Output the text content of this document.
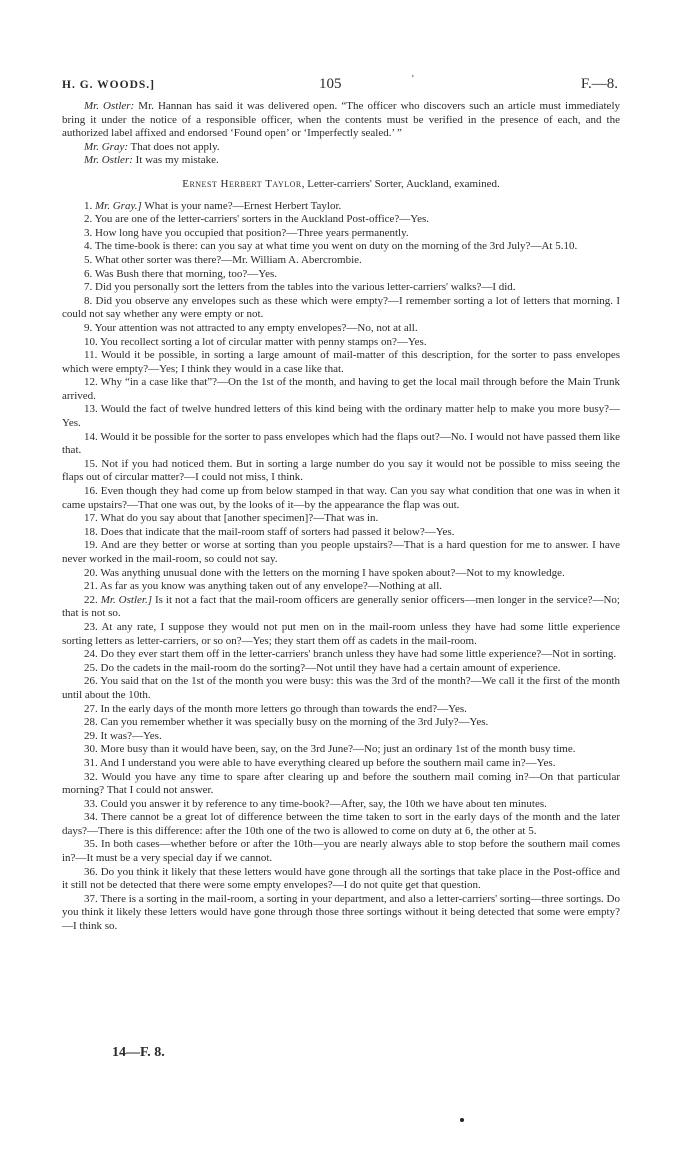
H. G. WOODS.]	105	'	F.—8.

Mr. Ostler: Mr. Hannan has said it was delivered open. “The officer who discovers such an article must immediately bring it under the notice of a responsible officer, when the contents must be verified in the presence of each, and the authorized label affixed and endorsed ‘Found open’ or ‘Imperfectly sealed.’ ”

Mr. Gray: That does not apply.

Mr. Ostler: It was my mistake.

Ernest Herbert Taylor, Letter-carriers' Sorter, Auckland, examined.

1. Mr. Gray.] What is your name?—Ernest Herbert Taylor.

2. You are one of the letter-carriers' sorters in the Auckland Post-office?—Yes.

3. How long have you occupied that position?—Three years permanently.

4. The time-book is there: can you say at what time you went on duty on the morning of the 3rd July?—At 5.10.

5. What other sorter was there?—Mr. William A. Abercrombie.

6. Was Bush there that morning, too?—Yes.

7. Did you personally sort the letters from the tables into the various letter-carriers' walks?—I did.

8. Did you observe any envelopes such as these which were empty?—I remember sorting a lot of letters that morning. I could not say whether any were empty or not.

9. Your attention was not attracted to any empty envelopes?—No, not at all.

10. You recollect sorting a lot of circular matter with penny stamps on?—Yes.

11. Would it be possible, in sorting a large amount of mail-matter of this description, for the sorter to pass envelopes which were empty?—Yes; I think they would in a case like that.

12. Why “in a case like that”?—On the 1st of the month, and having to get the local mail through before the Main Trunk arrived.

13. Would the fact of twelve hundred letters of this kind being with the ordinary matter help to make you more busy?—Yes.

14. Would it be possible for the sorter to pass envelopes which had the flaps out?—No. I would not have passed them like that.

15. Not if you had noticed them. But in sorting a large number do you say it would not be possible to miss seeing the flaps out of circular matter?—I could not miss, I think.

16. Even though they had come up from below stamped in that way. Can you say what condition that one was in when it came upstairs?—That one was out, by the looks of it—by the appearance the flap was out.

17. What do you say about that [another specimen]?—That was in.

18. Does that indicate that the mail-room staff of sorters had passed it below?—Yes.

19. And are they better or worse at sorting than you people upstairs?—That is a hard question for me to answer. I have never worked in the mail-room, so could not say.

20. Was anything unusual done with the letters on the morning I have spoken about?—Not to my knowledge.

21. As far as you know was anything taken out of any envelope?—Nothing at all.

22. Mr. Ostler.] Is it not a fact that the mail-room officers are generally senior officers—men longer in the service?—No; that is not so.

23. At any rate, I suppose they would not put men on in the mail-room unless they have had some little experience sorting letters as letter-carriers, or so on?—Yes; they start them off as cadets in the mail-room.

24. Do they ever start them off in the letter-carriers' branch unless they have had some little experience?—Not in sorting.

25. Do the cadets in the mail-room do the sorting?—Not until they have had a certain amount of experience.

26. You said that on the 1st of the month you were busy: this was the 3rd of the month?—We call it the first of the month until about the 10th.

27. In the early days of the month more letters go through than towards the end?—Yes.

28. Can you remember whether it was specially busy on the morning of the 3rd July?—Yes.

29. It was?—Yes.

30. More busy than it would have been, say, on the 3rd June?—No; just an ordinary 1st of the month busy time.

31. And I understand you were able to have everything cleared up before the southern mail came in?—Yes.

32. Would you have any time to spare after clearing up and before the southern mail coming in?—On that particular morning? That I could not answer.

33. Could you answer it by reference to any time-book?—After, say, the 10th we have about ten minutes.

34. There cannot be a great lot of difference between the time taken to sort in the early days of the month and the later days?—There is this difference: after the 10th one of the two is allowed to come on duty at 6, the other at 5.

35. In both cases—whether before or after the 10th—you are nearly always able to stop before the southern mail comes in?—It must be a very special day if we cannot.

36. Do you think it likely that these letters would have gone through all the sortings that take place in the Post-office and it still not be detected that there were some empty envelopes?—I do not quite get that question.

37. There is a sorting in the mail-room, a sorting in your department, and also a letter-carriers' sorting—three sortings. Do you think it likely these letters would have gone through those three sortings without it being detected that some were empty?—I think so.

14—F. 8.
